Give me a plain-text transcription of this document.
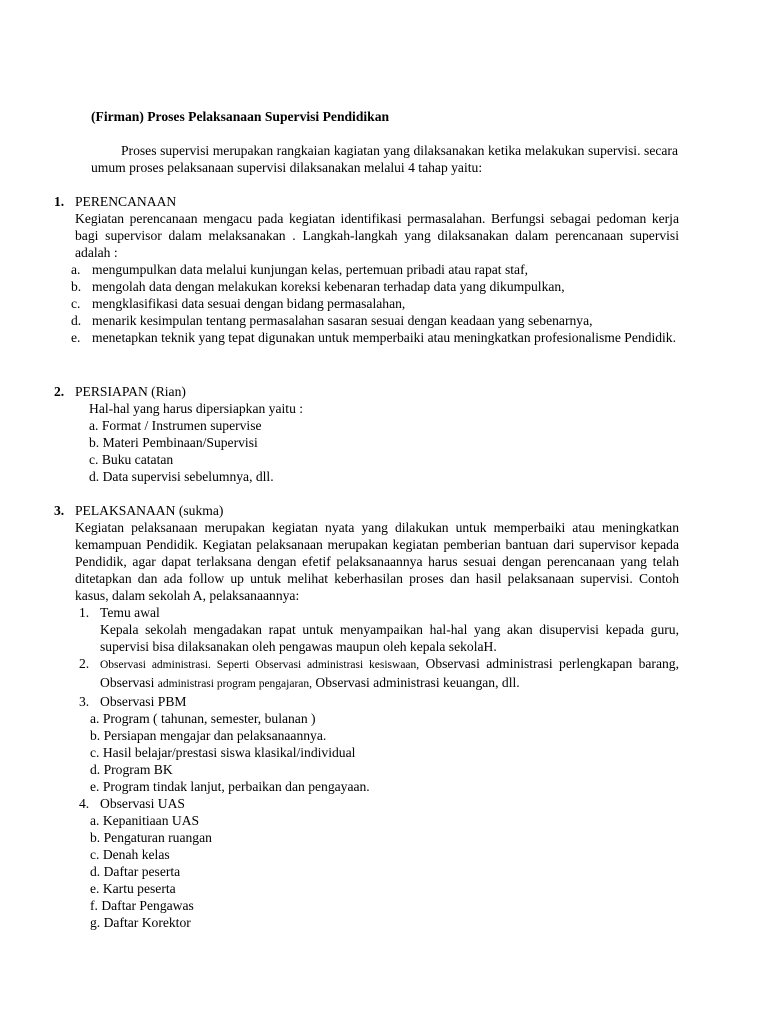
(Firman) Proses Pelaksanaan Supervisi Pendidikan

Proses supervisi merupakan rangkaian kagiatan yang dilaksanakan ketika melakukan supervisi. secara umum proses pelaksanaan supervisi dilaksanakan melalui 4 tahap yaitu:

1. PERENCANAAN
Kegiatan perencanaan mengacu pada kegiatan identifikasi permasalahan. Berfungsi sebagai pedoman kerja bagi supervisor dalam melaksanakan . Langkah-langkah yang dilaksanakan dalam perencanaan supervisi adalah :
a. mengumpulkan data melalui kunjungan kelas, pertemuan pribadi atau rapat staf,
b. mengolah data dengan melakukan koreksi kebenaran terhadap data yang dikumpulkan,
c. mengklasifikasi data sesuai dengan bidang permasalahan,
d. menarik kesimpulan tentang permasalahan sasaran sesuai dengan keadaan yang sebenarnya,
e. menetapkan teknik yang tepat digunakan untuk memperbaiki atau meningkatkan profesionalisme Pendidik.
2. PERSIAPAN (Rian)
Hal-hal yang harus dipersiapkan yaitu :
a. Format / Instrumen supervise
b. Materi Pembinaan/Supervisi
c. Buku catatan
d. Data supervisi sebelumnya, dll.
3. PELAKSANAAN (sukma)
Kegiatan pelaksanaan merupakan kegiatan nyata yang dilakukan untuk memperbaiki atau meningkatkan kemampuan Pendidik. Kegiatan pelaksanaan merupakan kegiatan pemberian bantuan dari supervisor kepada Pendidik, agar dapat terlaksana dengan efetif pelaksanaannya harus sesuai dengan perencanaan yang telah ditetapkan dan ada follow up untuk melihat keberhasilan proses dan hasil pelaksanaan supervisi. Contoh kasus, dalam sekolah A, pelaksanaannya:
1. Temu awal
Kepala sekolah mengadakan rapat untuk menyampaikan hal-hal yang akan disupervisi kepada guru, supervisi bisa dilaksanakan oleh pengawas maupun oleh kepala sekolaH.
2. Observasi administrasi. Seperti Observasi administrasi kesiswaan, Observasi administrasi perlengkapan barang, Observasi administrasi program pengajaran, Observasi administrasi keuangan, dll.
3. Observasi PBM
a. Program ( tahunan, semester, bulanan )
b. Persiapan mengajar dan pelaksanaannya.
c. Hasil belajar/prestasi siswa klasikal/individual
d. Program BK
e. Program tindak lanjut, perbaikan dan pengayaan.
4. Observasi UAS
a. Kepanitiaan UAS
b. Pengaturan ruangan
c. Denah kelas
d. Daftar peserta
e. Kartu peserta
f. Daftar Pengawas
g. Daftar Korektor
